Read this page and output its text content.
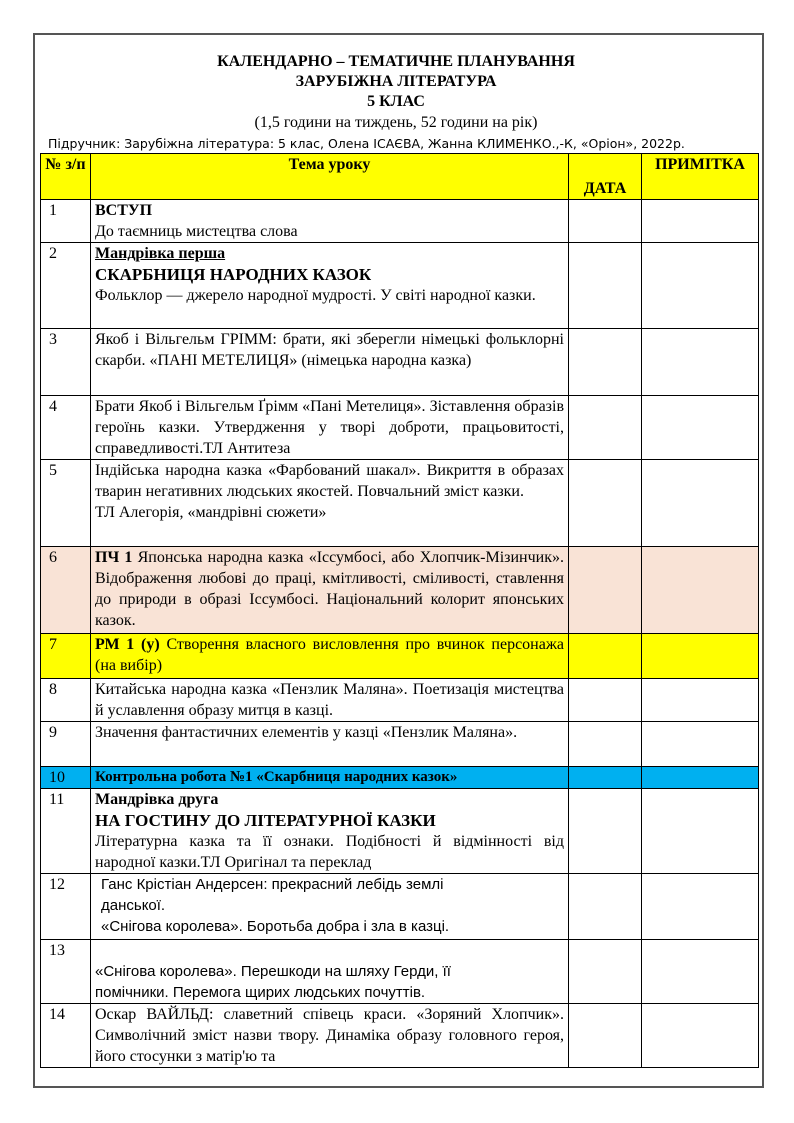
КАЛЕНДАРНО – ТЕМАТИЧНЕ ПЛАНУВАННЯ
ЗАРУБІЖНА ЛІТЕРАТУРА
5 КЛАС
(1,5 години на тиждень, 52 години на рік)
Підручник: Зарубіжна література: 5 клас, Олена ІСАЄВА, Жанна КЛИМЕНКО.,-К, «Оріон», 2022р.
№ з/п	Тема уроку	ДАТА	ПРИМІТКА
1	ВСТУП
До таємниць мистецтва слова		

2	Мандрівка перша
СКАРБНИЦЯ НАРОДНИХ КАЗОК
Фольклор — джерело народної мудрості. У світі народної казки.		

3	Якоб і Вільгельм ГРІММ: брати, які зберегли німецькі фольклорні скарби. «ПАНІ МЕТЕЛИЦЯ» (німецька народна казка)		
4	Брати Якоб і Вільгельм Ґрімм «Пані Метелиця». Зіставлення образів героїнь казки. Утвердження у творі доброти, працьовитості, справедливості.ТЛ Антитеза		
5	Індійська народна казка «Фарбований шакал». Викриття в образах тварин негативних людських якостей. Повчальний зміст казки.
ТЛ Алегорія, «мандрівні сюжети»		

6	ПЧ 1 Японська народна казка «Іссумбосі, або Хлопчик-Мізинчик». Відображення любові до праці, кмітливості, сміливості, ставлення до природи в образі Іссумбосі. Національний колорит японських казок.		
7	РМ 1 (у) Створення власного висловлення про вчинок персонажа (на вибір)		
8	Китайська народна казка «Пензлик Маляна». Поетизація мистецтва й уславлення образу митця в казці.		
9	Значення фантастичних елементів у казці «Пензлик Маляна».		
10	Контрольна робота №1 «Скарбниця народних казок»		
11	Мандрівка друга
НА ГОСТИНУ ДО ЛІТЕРАТУРНОЇ КАЗКИ
Літературна казка та її ознаки. Подібності й відмінності від народної казки.ТЛ Оригінал та переклад		

12	Ганс Крістіан Андерсен: прекрасний лебідь землі данської.
«Снігова королева». Боротьба добра і зла в казці.		

13	«Снігова королева». Перешкоди на шляху Герди, її помічники. Перемога щирих людських почуттів.		

14	Оскар ВАЙЛЬД: славетний співець краси. «Зоряний Хлопчик». Символічний зміст назви твору. Динаміка образу головного героя, його стосунки з матір'ю та		
